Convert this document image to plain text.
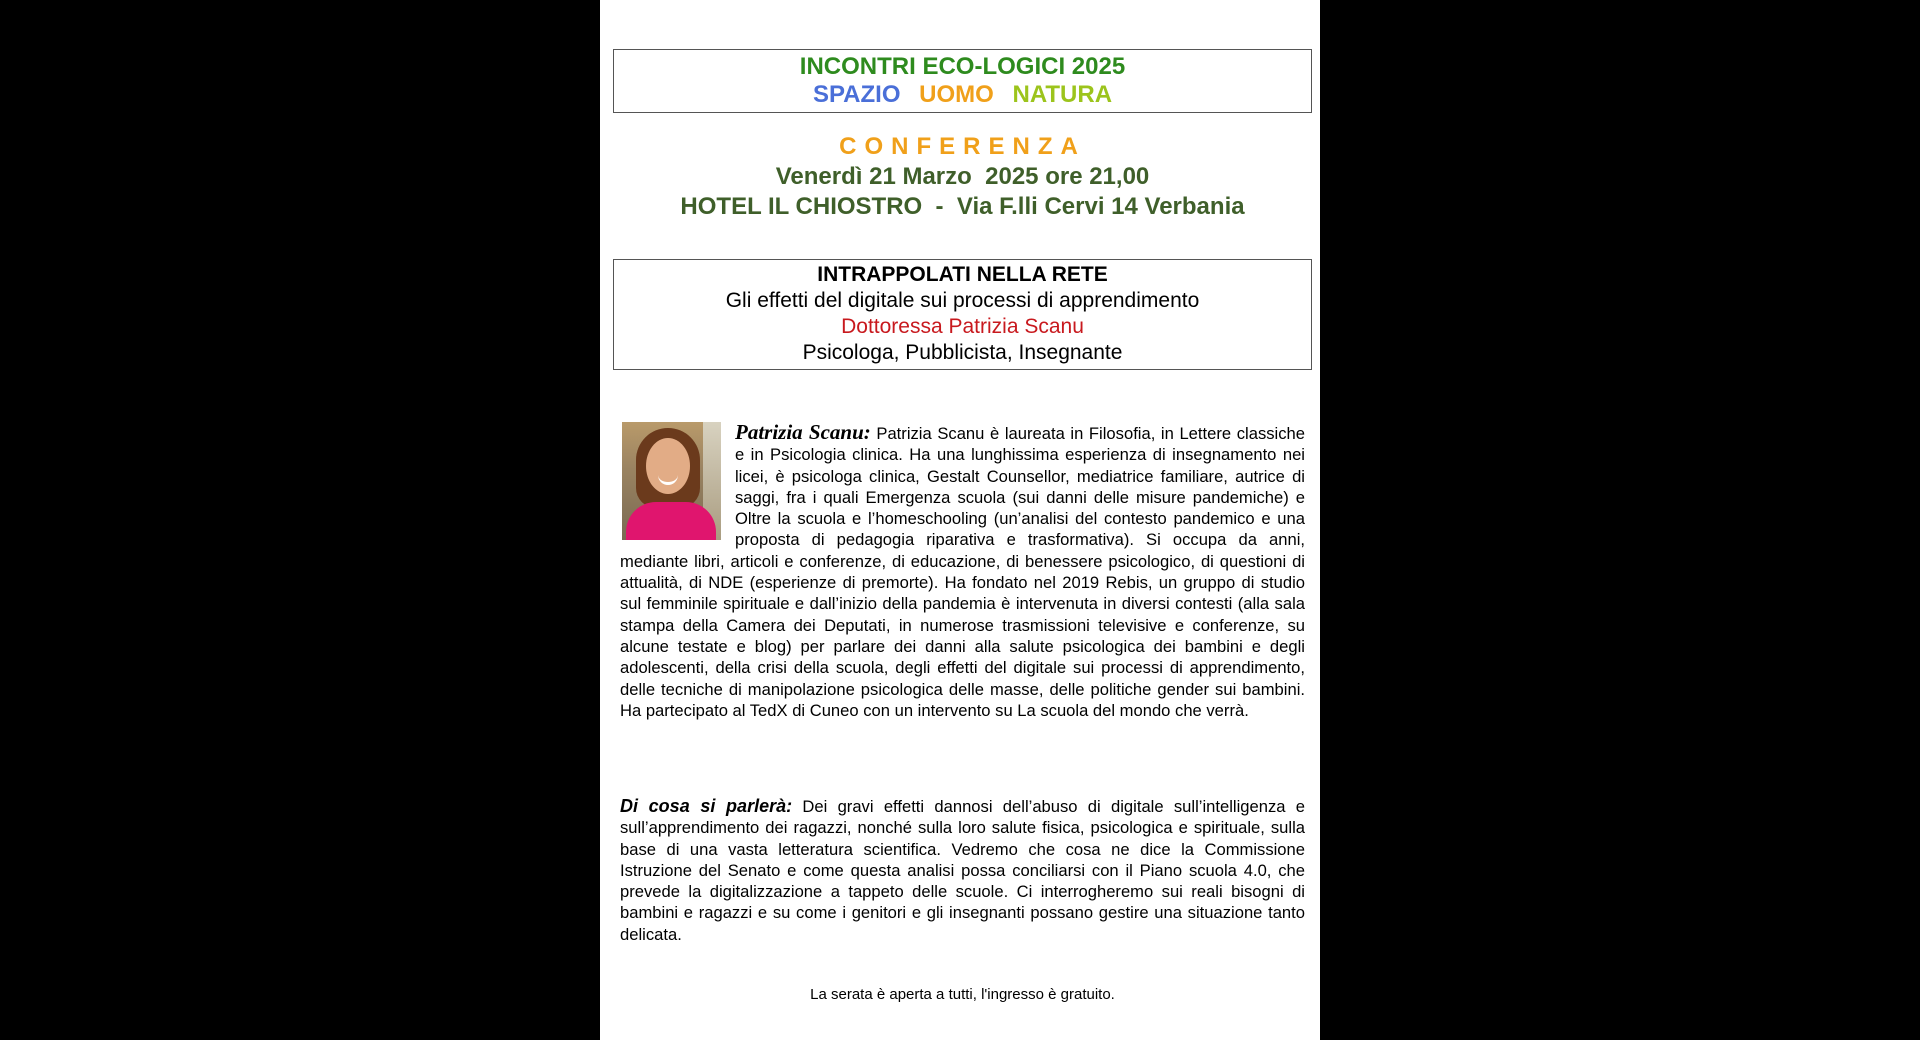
INCONTRI ECO-LOGICI 2025
SPAZIO UOMO NATURA
CONFERENZA
Venerdì 21 Marzo  2025 ore 21,00
HOTEL IL CHIOSTRO  -  Via F.lli Cervi 14 Verbania
INTRAPPOLATI NELLA RETE
Gli effetti del digitale sui processi di apprendimento
Dottoressa Patrizia Scanu
Psicologa, Pubblicista, Insegnante
Patrizia Scanu: Patrizia Scanu è laureata in Filosofia, in Lettere classiche e in Psicologia clinica. Ha una lunghissima esperienza di insegnamento nei licei, è psicologa clinica, Gestalt Counsellor, mediatrice familiare, autrice di saggi, fra i quali Emergenza scuola (sui danni delle misure pandemiche) e Oltre la scuola e l’homeschooling (un’analisi del contesto pandemico e una proposta di pedagogia riparativa e trasformativa). Si occupa da anni, mediante libri, articoli e conferenze, di educazione, di benessere psicologico, di questioni di attualità, di NDE (esperienze di premorte). Ha fondato nel 2019 Rebis, un gruppo di studio sul femminile spirituale e dall’inizio della pandemia è intervenuta in diversi contesti (alla sala stampa della Camera dei Deputati, in numerose trasmissioni televisive e conferenze, su alcune testate e blog) per parlare dei danni alla salute psicologica dei bambini e degli adolescenti, della crisi della scuola, degli effetti del digitale sui processi di apprendimento, delle tecniche di manipolazione psicologica delle masse, delle politiche gender sui bambini. Ha partecipato al TedX di Cuneo con un intervento su La scuola del mondo che verrà.
Di cosa si parlerà: Dei gravi effetti dannosi dell’abuso di digitale sull’intelligenza e sull’apprendimento dei ragazzi, nonché sulla loro salute fisica, psicologica e spirituale, sulla base di una vasta letteratura scientifica. Vedremo che cosa ne dice la Commissione Istruzione del Senato e come questa analisi possa conciliarsi con il Piano scuola 4.0, che prevede la digitalizzazione a tappeto delle scuole. Ci interrogheremo sui reali bisogni di bambini e ragazzi e su come i genitori e gli insegnanti possano gestire una situazione tanto delicata.
La serata è aperta a tutti, l'ingresso è gratuito.
